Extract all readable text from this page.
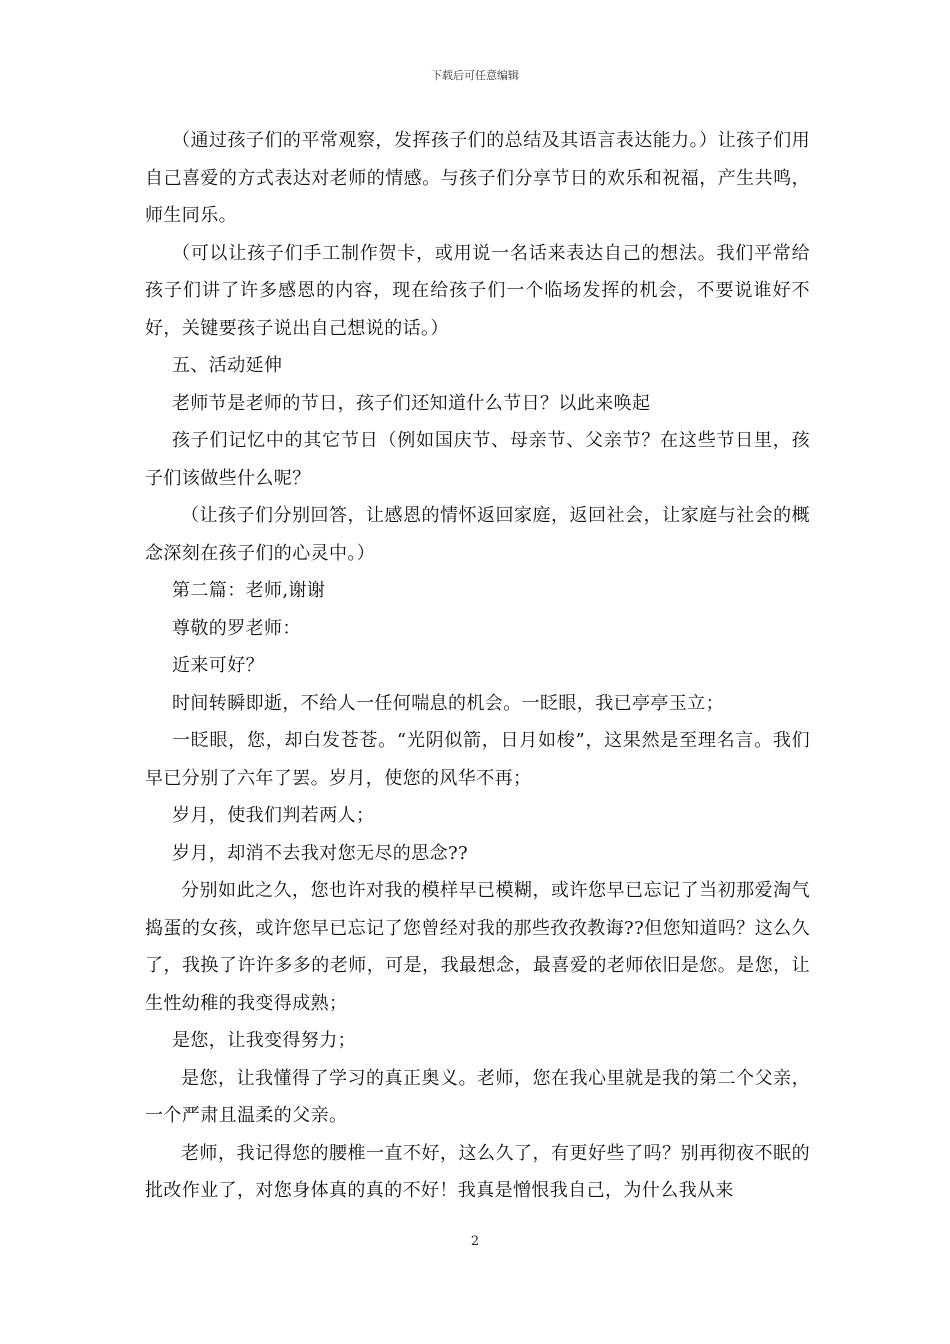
下载后可任意编辑

（通过孩子们的平常观察，发挥孩子们的总结及其语言表达能力。）让孩子们用自己喜爱的方式表达对老师的情感。与孩子们分享节日的欢乐和祝福，产生共鸣，师生同乐。

（可以让孩子们手工制作贺卡，或用说一名话来表达自己的想法。我们平常给孩子们讲了许多感恩的内容，现在给孩子们一个临场发挥的机会，不要说谁好不好，关键要孩子说出自己想说的话。）

五、活动延伸

老师节是老师的节日，孩子们还知道什么节日？以此来唤起

孩子们记忆中的其它节日（例如国庆节、母亲节、父亲节？在这些节日里，孩子们该做些什么呢？

（让孩子们分别回答，让感恩的情怀返回家庭，返回社会，让家庭与社会的概念深刻在孩子们的心灵中。）

第二篇：老师,谢谢

尊敬的罗老师：

近来可好？

时间转瞬即逝，不给人一任何喘息的机会。一眨眼，我已亭亭玉立；

一眨眼，您，却白发苍苍。“光阴似箭，日月如梭”，这果然是至理名言。我们早已分别了六年了罢。岁月，使您的风华不再；

岁月，使我们判若两人；

岁月，却消不去我对您无尽的思念??

分别如此之久，您也许对我的模样早已模糊，或许您早已忘记了当初那爱淘气捣蛋的女孩，或许您早已忘记了您曾经对我的那些孜孜教诲??但您知道吗？这么久了，我换了许许多多的老师，可是，我最想念，最喜爱的老师依旧是您。是您，让生性幼稚的我变得成熟；

是您，让我变得努力；

是您，让我懂得了学习的真正奥义。老师，您在我心里就是我的第二个父亲，一个严肃且温柔的父亲。

老师，我记得您的腰椎一直不好，这么久了，有更好些了吗？别再彻夜不眠的批改作业了，对您身体真的真的不好！我真是憎恨我自己，为什么我从来

2
